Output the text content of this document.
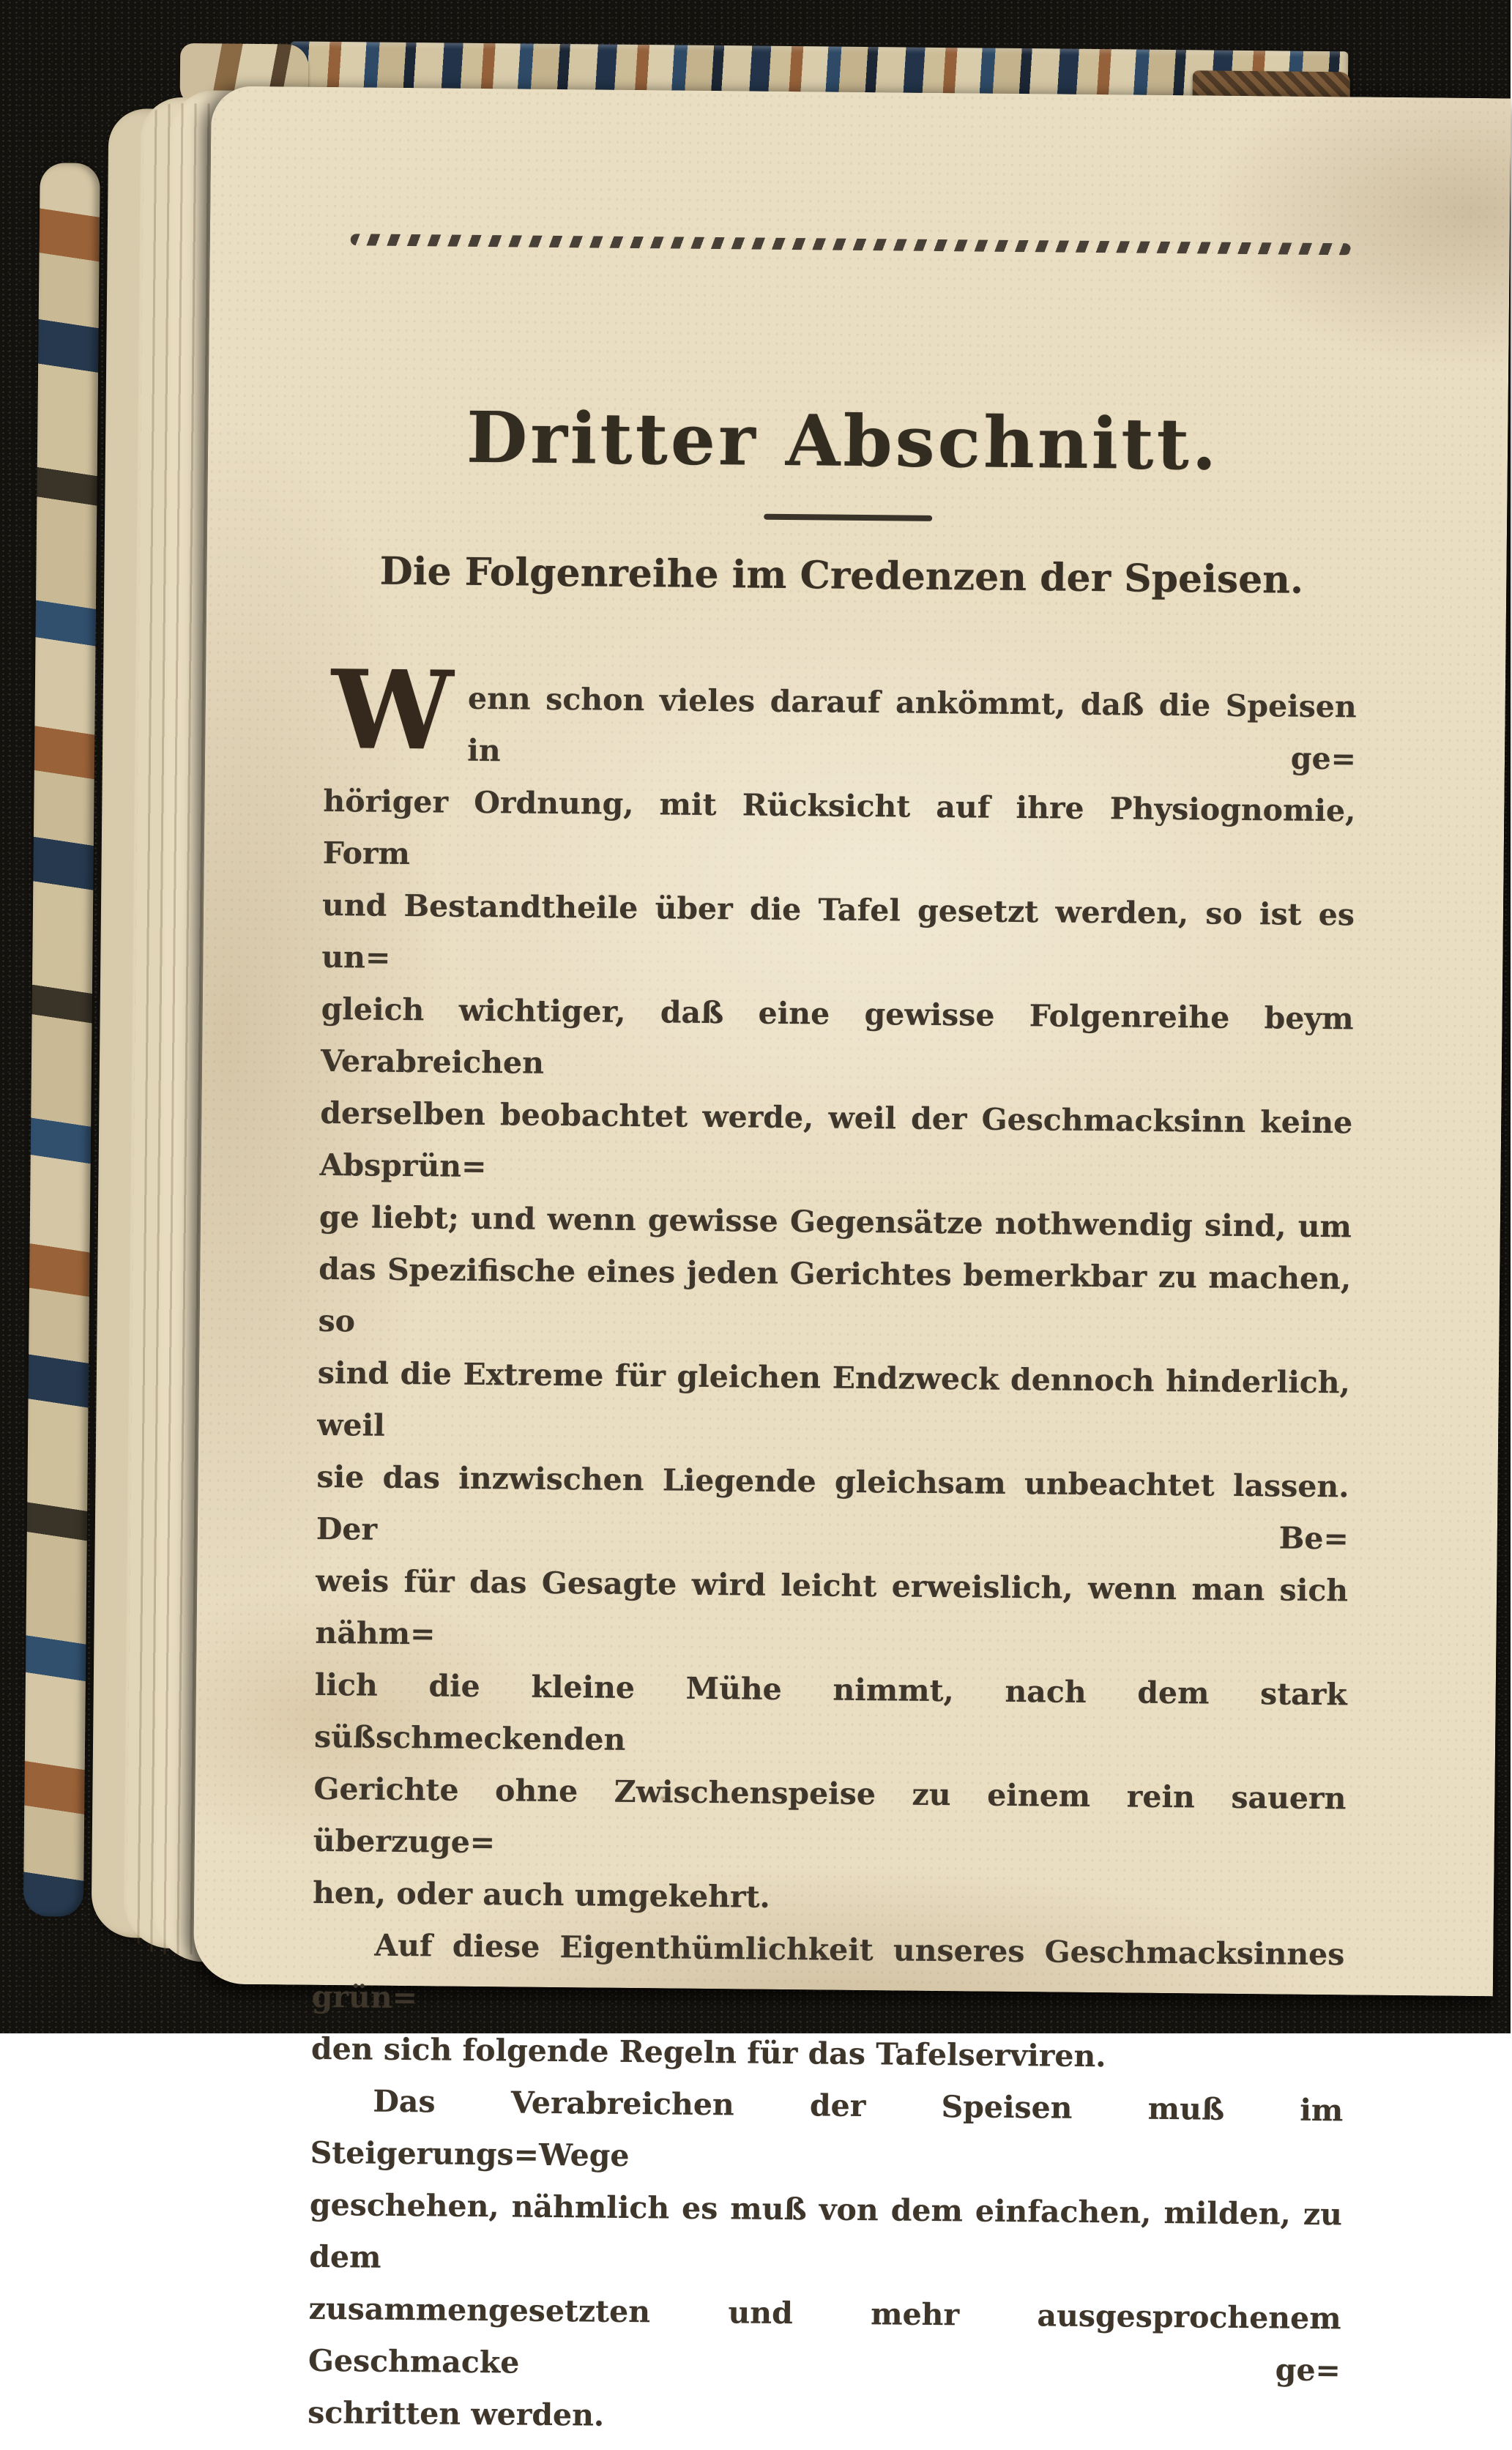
Dritter Abschnitt.
Die Folgenreihe im Credenzen der Speisen.
W enn schon vieles darauf ankömmt, daß die Speisen in ge=
höriger Ordnung, mit Rücksicht auf ihre Physiognomie, Form
und Bestandtheile über die Tafel gesetzt werden, so ist es un=
gleich wichtiger, daß eine gewisse Folgenreihe beym Verabreichen
derselben beobachtet werde, weil der Geschmacksinn keine Absprün=
ge liebt; und wenn gewisse Gegensätze nothwendig sind, um
das Spezifische eines jeden Gerichtes bemerkbar zu machen, so
sind die Extreme für gleichen Endzweck dennoch hinderlich, weil
sie das inzwischen Liegende gleichsam unbeachtet lassen. Der Be=
weis für das Gesagte wird leicht erweislich, wenn man sich nähm=
lich die kleine Mühe nimmt, nach dem stark süßschmeckenden
Gerichte ohne Zwischenspeise zu einem rein sauern überzuge=
hen, oder auch umgekehrt.
Auf diese Eigenthümlichkeit unseres Geschmacksinnes grün=
den sich folgende Regeln für das Tafelserviren.
Das Verabreichen der Speisen muß im Steigerungs=Wege
geschehen, nähmlich es muß von dem einfachen, milden, zu dem
zusammengesetzten und mehr ausgesprochenem Geschmacke ge=
schritten werden.
